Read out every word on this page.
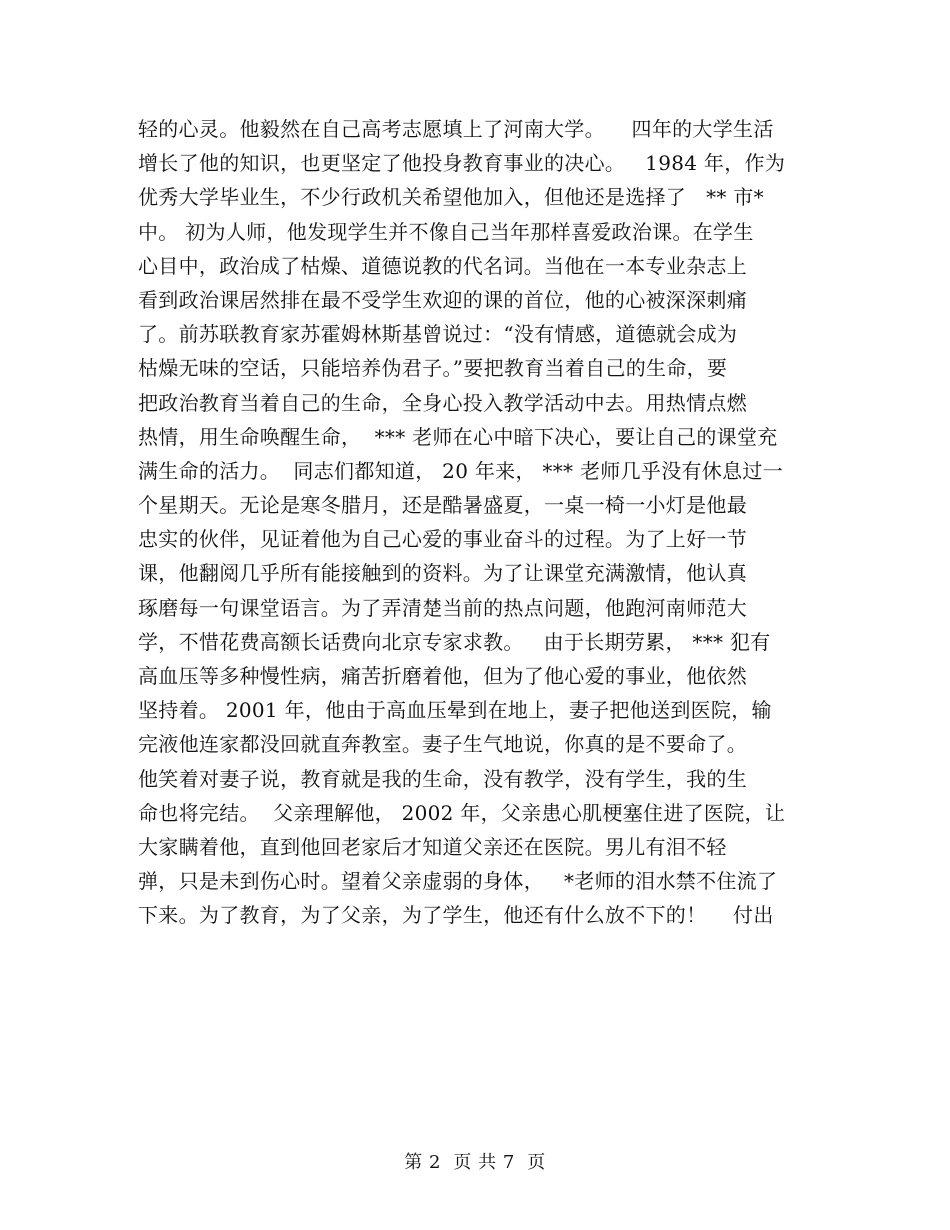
轻的心灵。他毅然在自己高考志愿填上了河南大学。    四年的大学生活
增长了他的知识，也更坚定了他投身教育事业的决心。   1984 年，作为
优秀大学毕业生，不少行政机关希望他加入，但他还是选择了   ** 市*
中。 初为人师，他发现学生并不像自己当年那样喜爱政治课。在学生
心目中，政治成了枯燥、道德说教的代名词。当他在一本专业杂志上
看到政治课居然排在最不受学生欢迎的课的首位，他的心被深深刺痛
了。前苏联教育家苏霍姆林斯基曾说过：“没有情感，道德就会成为
枯燥无味的空话，只能培养伪君子。”要把教育当着自己的生命，要
把政治教育当着自己的生命，全身心投入教学活动中去。用热情点燃
热情，用生命唤醒生命，  *** 老师在心中暗下决心，要让自己的课堂充
满生命的活力。  同志们都知道， 20 年来， *** 老师几乎没有休息过一
个星期天。无论是寒冬腊月，还是酷暑盛夏，一桌一椅一小灯是他最
忠实的伙伴，见证着他为自己心爱的事业奋斗的过程。为了上好一节
课，他翻阅几乎所有能接触到的资料。为了让课堂充满激情，他认真
琢磨每一句课堂语言。为了弄清楚当前的热点问题，他跑河南师范大
学，不惜花费高额长话费向北京专家求教。   由于长期劳累， *** 犯有
高血压等多种慢性病，痛苦折磨着他，但为了他心爱的事业，他依然
坚持着。 2001 年，他由于高血压晕到在地上，妻子把他送到医院，输
完液他连家都没回就直奔教室。妻子生气地说，你真的是不要命了。
他笑着对妻子说，教育就是我的生命，没有教学，没有学生，我的生
命也将完结。  父亲理解他， 2002 年，父亲患心肌梗塞住进了医院，让
大家瞒着他，直到他回老家后才知道父亲还在医院。男儿有泪不轻
弹，只是未到伤心时。望着父亲虚弱的身体，   *老师的泪水禁不住流了
下来。为了教育，为了父亲，为了学生，他还有什么放不下的！    付出
第 2  页 共 7  页
